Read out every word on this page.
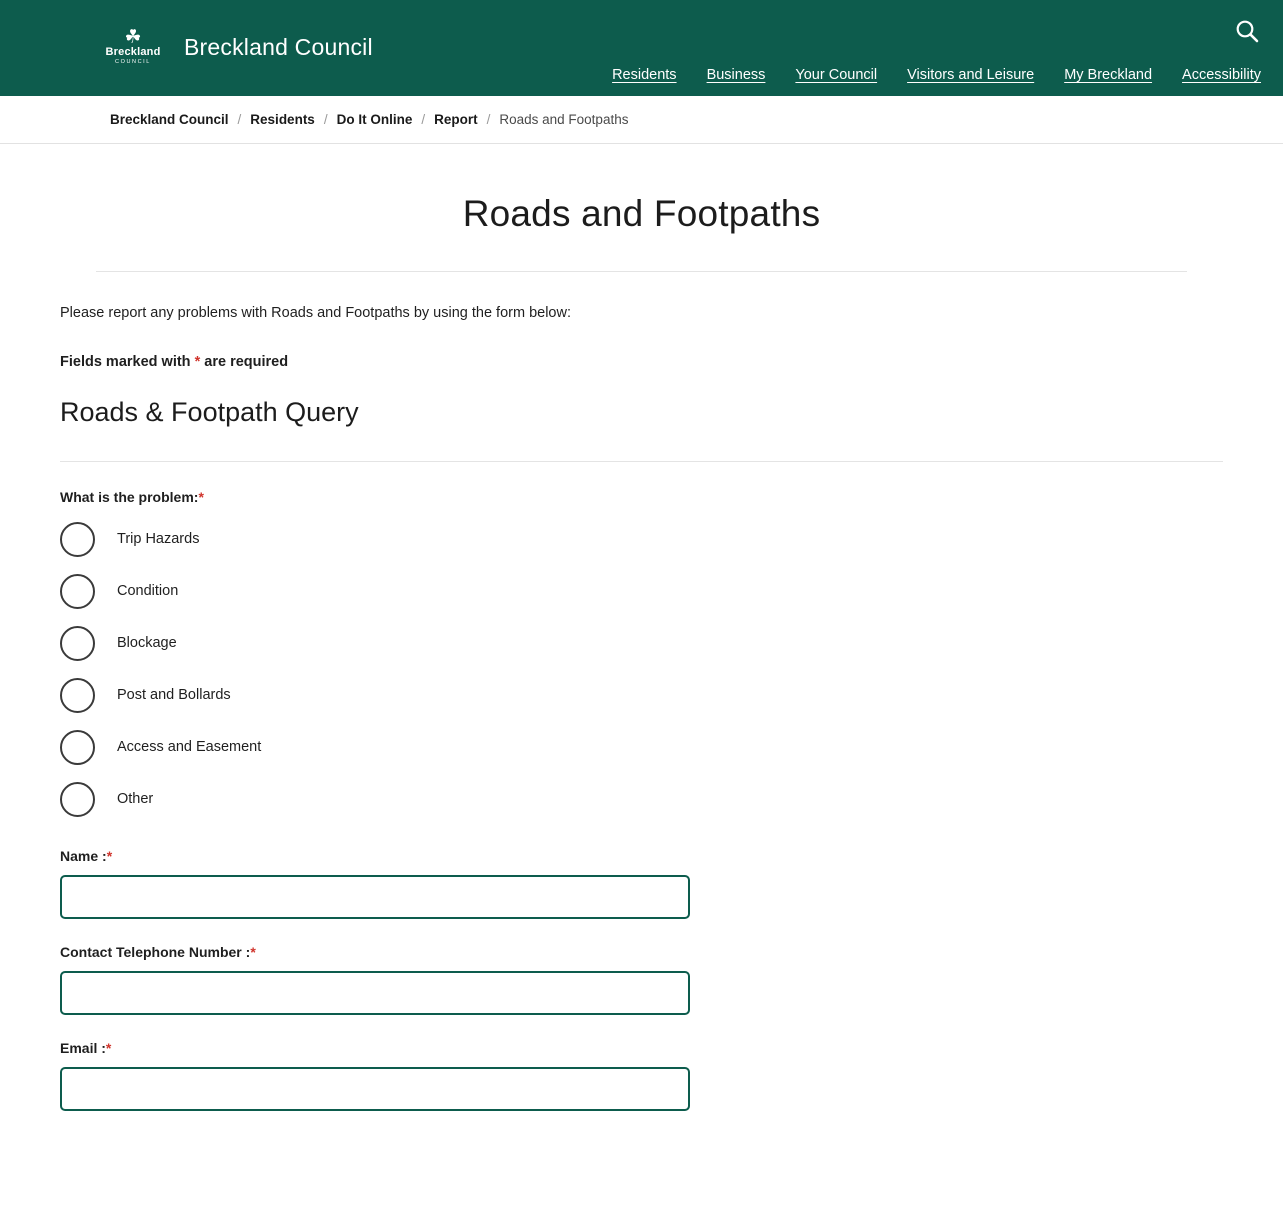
☘
Breckland
COUNCIL
Breckland Council
Residents Business Your Council Visitors and Leisure My Breckland Accessibility
Breckland Council / Residents / Do It Online / Report / Roads and Footpaths
Roads and Footpaths

Please report any problems with Roads and Footpaths by using the form below:

Fields marked with * are required

Roads & Footpath Query
What is the problem:*
Trip Hazards
Condition
Blockage
Post and Bollards
Access and Easement
Other
Name :*
Contact Telephone Number :*
Email :*
